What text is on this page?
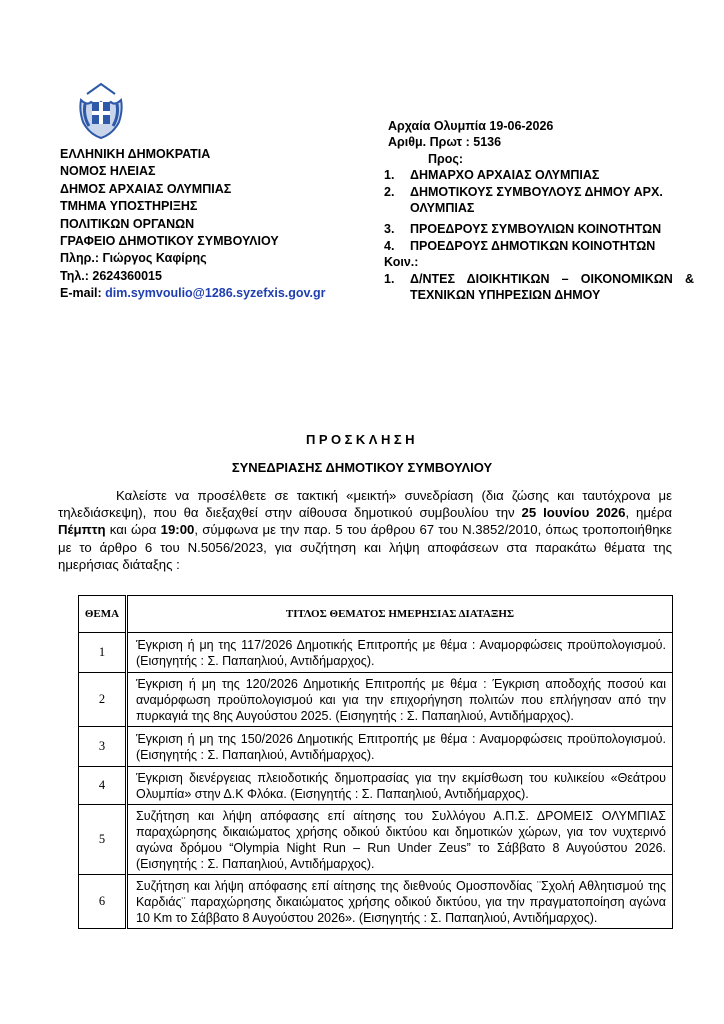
ΕΛΛΗΝΙΚΗ ΔΗΜΟΚΡΑΤΙΑ
ΝΟΜΟΣ ΗΛΕΙΑΣ
ΔΗΜΟΣ ΑΡΧΑΙΑΣ ΟΛΥΜΠΙΑΣ
ΤΜΗΜΑ ΥΠΟΣΤΗΡΙΞΗΣ
ΠΟΛΙΤΙΚΩΝ ΟΡΓΑΝΩΝ
ΓΡΑΦΕΙΟ ΔΗΜΟΤΙΚΟΥ ΣΥΜΒΟΥΛΙΟΥ
Πληρ.: Γιώργος Καφίρης
Τηλ.: 2624360015
E-mail: dim.symvoulio@1286.syzefxis.gov.gr
Αρχαία Ολυμπία 19-06-2026
Αριθμ. Πρωτ : 5136
Προς:
1.	ΔΗΜΑΡΧΟ ΑΡΧΑΙΑΣ ΟΛΥΜΠΙΑΣ
2.	ΔΗΜΟΤΙΚΟΥΣ ΣΥΜΒΟΥΛΟΥΣ ΔΗΜΟΥ ΑΡΧ.
ΟΛΥΜΠΙΑΣ
3.	ΠΡΟΕΔΡΟΥΣ ΣΥΜΒΟΥΛΙΩΝ ΚΟΙΝΟΤΗΤΩΝ
4.	ΠΡΟΕΔΡΟΥΣ ΔΗΜΟΤΙΚΩΝ ΚΟΙΝΟΤΗΤΩΝ
Κοιν.:
1.	Δ/ΝΤΕΣ ΔΙΟΙΚΗΤΙΚΩΝ – ΟΙΚΟΝΟΜΙΚΩΝ &
ΤΕΧΝΙΚΩΝ ΥΠΗΡΕΣΙΩΝ ΔΗΜΟΥ
ΠΡΟΣΚΛΗΣΗ
ΣΥΝΕΔΡΙΑΣΗΣ ΔΗΜΟΤΙΚΟΥ ΣΥΜΒΟΥΛΙΟΥ
Καλείστε να προσέλθετε σε τακτική «μεικτή» συνεδρίαση (δια ζώσης και ταυτόχρονα με τηλεδιάσκεψη), που θα διεξαχθεί στην αίθουσα δημοτικού συμβουλίου την 25 Ιουνίου 2026, ημέρα Πέμπτη και ώρα 19:00, σύμφωνα με την παρ. 5 του άρθρου 67 του Ν.3852/2010, όπως τροποποιήθηκε με το άρθρο 6 του Ν.5056/2023, για συζήτηση και λήψη αποφάσεων στα παρακάτω θέματα της ημερήσιας διάταξης :
ΘΕΜΑ	ΤΙΤΛΟΣ ΘΕΜΑΤΟΣ ΗΜΕΡΗΣΙΑΣ ΔΙΑΤΑΞΗΣ
1	Έγκριση ή μη της 117/2026 Δημοτικής Επιτροπής με θέμα : Αναμορφώσεις προϋπολογισμού. (Εισηγητής : Σ. Παπαηλιού, Αντιδήμαρχος).
2	Έγκριση ή μη της 120/2026 Δημοτικής Επιτροπής με θέμα : Έγκριση αποδοχής ποσού και αναμόρφωση προϋπολογισμού και για την επιχορήγηση πολιτών που επλήγησαν από την πυρκαγιά της 8ης Αυγούστου 2025. (Εισηγητής : Σ. Παπαηλιού, Αντιδήμαρχος).
3	Έγκριση ή μη της 150/2026 Δημοτικής Επιτροπής με θέμα : Αναμορφώσεις προϋπολογισμού. (Εισηγητής : Σ. Παπαηλιού, Αντιδήμαρχος).
4	Έγκριση διενέργειας πλειοδοτικής δημοπρασίας για την εκμίσθωση του κυλικείου «Θεάτρου Ολυμπία» στην Δ.Κ Φλόκα. (Εισηγητής : Σ. Παπαηλιού, Αντιδήμαρχος).
5	Συζήτηση και λήψη απόφασης επί αίτησης του Συλλόγου Α.Π.Σ. ΔΡΟΜΕΙΣ ΟΛΥΜΠΙΑΣ παραχώρησης δικαιώματος χρήσης οδικού δικτύου και δημοτικών χώρων, για τον νυχτερινό αγώνα δρόμου “Olympia Night Run – Run Under Zeus” το Σάββατο 8 Αυγούστου 2026. (Εισηγητής : Σ. Παπαηλιού, Αντιδήμαρχος).
6	Συζήτηση και λήψη απόφασης επί αίτησης της διεθνούς Ομοσπονδίας ¨Σχολή Αθλητισμού της Καρδιάς¨ παραχώρησης δικαιώματος χρήσης οδικού δικτύου, για την πραγματοποίηση αγώνα 10 Km το Σάββατο 8 Αυγούστου 2026». (Εισηγητής : Σ. Παπαηλιού, Αντιδήμαρχος).
